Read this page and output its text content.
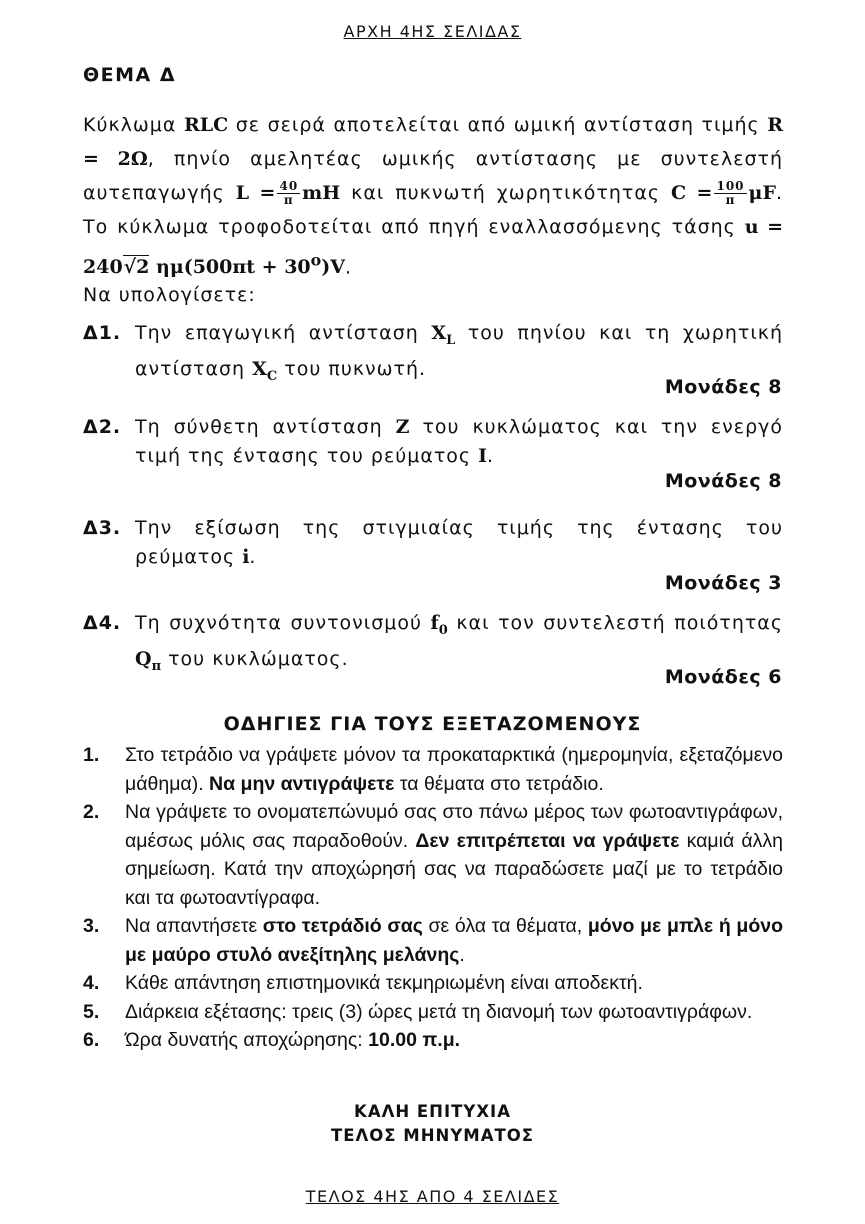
ΑΡΧΗ 4ΗΣ ΣΕΛΙΔΑΣ
ΘΕΜΑ Δ
Κύκλωμα RLC σε σειρά αποτελείται από ωμική αντίσταση τιμής R = 2Ω, πηνίο αμελητέας ωμικής αντίστασης με συντελεστή αυτεπαγωγής $L = \frac{40}{\pi}$ mH και πυκνωτή χωρητικότητας $C = \frac{100}{\pi} \mu F$. Το κύκλωμα τροφοδοτείται από πηγή εναλλασσόμενης τάσης u = 240√2 $\eta\mu(500\pi t + 30^o)V$.
Να υπολογίσετε:
Δ1. Την επαγωγική αντίσταση $X_L$ του πηνίου και τη χωρητική αντίσταση $X_C$ του πυκνωτή.
Μονάδες 8
Δ2. Τη σύνθετη αντίσταση Z του κυκλώματος και την ενεργό τιμή της έντασης του ρεύματος I.
Μονάδες 8
Δ3. Την εξίσωση της στιγμιαίας τιμής της έντασης του ρεύματος i.
Μονάδες 3
Δ4. Τη συχνότητα συντονισμού $f_0$ και τον συντελεστή ποιότητας $Q_\pi$ του κυκλώματος.
Μονάδες 6
ΟΔΗΓΙΕΣ ΓΙΑ ΤΟΥΣ ΕΞΕΤΑΖΟΜΕΝΟΥΣ
1. Στο τετράδιο να γράψετε μόνον τα προκαταρκτικά (ημερομηνία, εξεταζόμενο μάθημα). Να μην αντιγράψετε τα θέματα στο τετράδιο.
2. Να γράψετε το ονοματεπώνυμό σας στο πάνω μέρος των φωτοαντιγράφων, αμέσως μόλις σας παραδοθούν. Δεν επιτρέπεται να γράψετε καμιά άλλη σημείωση. Κατά την αποχώρησή σας να παραδώσετε μαζί με το τετράδιο και τα φωτοαντίγραφα.
3. Να απαντήσετε στο τετράδιό σας σε όλα τα θέματα, μόνο με μπλε ή μόνο με μαύρο στυλό ανεξίτηλης μελάνης.
4. Κάθε απάντηση επιστημονικά τεκμηριωμένη είναι αποδεκτή.
5. Διάρκεια εξέτασης: τρεις (3) ώρες μετά τη διανομή των φωτοαντιγράφων.
6. Ώρα δυνατής αποχώρησης: 10.00 π.μ.
ΚΑΛΗ ΕΠΙΤΥΧΙΑ
ΤΕΛΟΣ ΜΗΝΥΜΑΤΟΣ
ΤΕΛΟΣ 4ΗΣ ΑΠΟ 4 ΣΕΛΙΔΕΣ
